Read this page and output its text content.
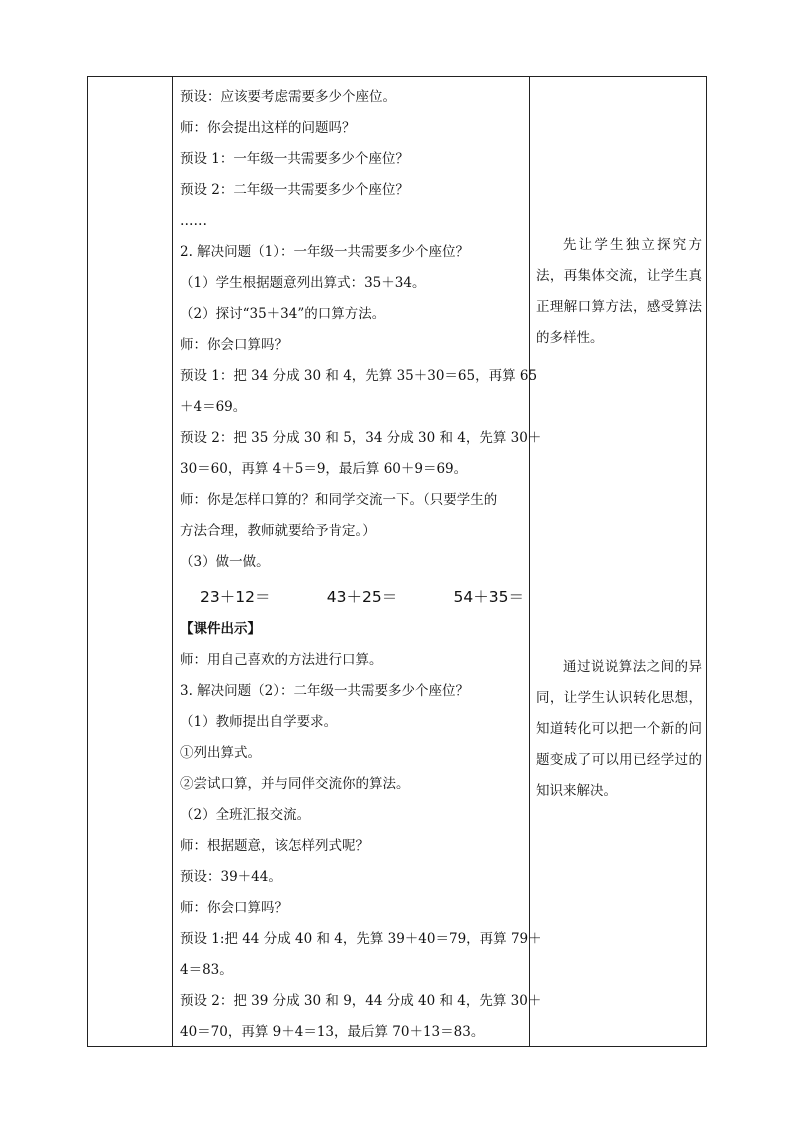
预设：应该要考虑需要多少个座位。
师：你会提出这样的问题吗？
预设 1：一年级一共需要多少个座位？
预设 2：二年级一共需要多少个座位？
……
2. 解决问题（1）：一年级一共需要多少个座位？
（1）学生根据题意列出算式：35＋34。
（2）探讨“35＋34”的口算方法。
师：你会口算吗？
预设 1：把 34 分成 30 和 4，先算 35＋30＝65，再算 65
＋4＝69。
预设 2：把 35 分成 30 和 5，34 分成 30 和 4，先算 30＋
30＝60，再算 4＋5＝9，最后算 60＋9＝69。
师：你是怎样口算的？和同学交流一下。（只要学生的
方法合理，教师就要给予肯定。）
（3）做一做。
23＋12＝	43＋25＝	54＋35＝
【课件出示】
师：用自己喜欢的方法进行口算。
3. 解决问题（2）：二年级一共需要多少个座位？
（1）教师提出自学要求。
①列出算式。
②尝试口算，并与同伴交流你的算法。
（2）全班汇报交流。
师：根据题意，该怎样列式呢？
预设：39＋44。
师：你会口算吗？
预设 1:把 44 分成 40 和 4，先算 39＋40＝79，再算 79＋
4＝83。
预设 2：把 39 分成 30 和 9，44 分成 40 和 4，先算 30＋
40＝70，再算 9＋4＝13，最后算 70＋13＝83。

先让学生独立探究方法，再集体交流，让学生真正理解口算方法，感受算法的多样性。

通过说说算法之间的异同，让学生认识转化思想，知道转化可以把一个新的问题变成了可以用已经学过的知识来解决。
